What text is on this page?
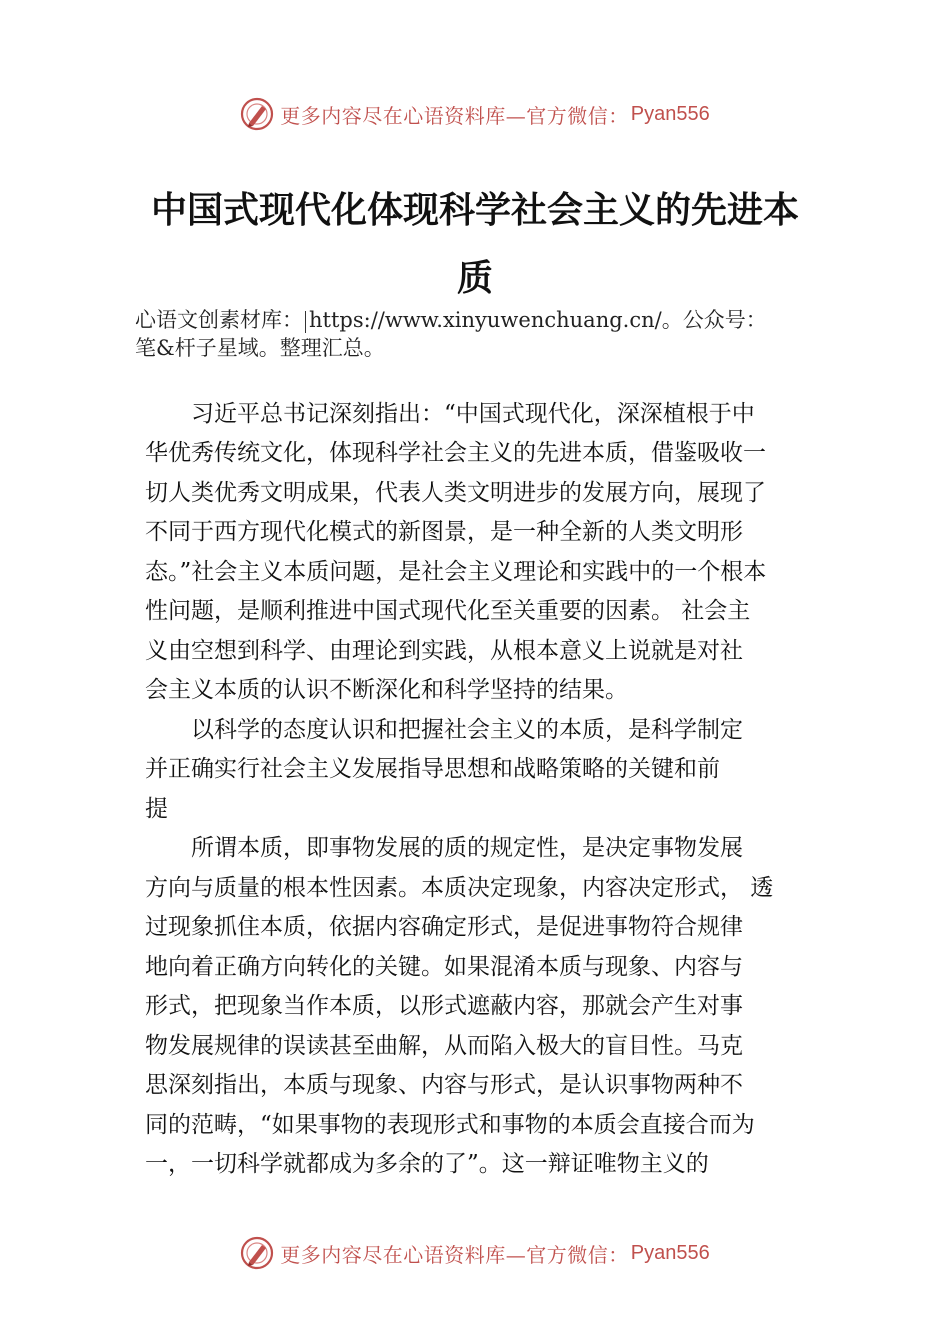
更多内容尽在心语资料库—官方微信： Pyan556
中国式现代化体现科学社会主义的先进本
质
心语文创素材库： https://www.xinyuwenchuang.cn/。公众号：
笔&杆子星域。整理汇总。
　　习近平总书记深刻指出：“中国式现代化，深深植根于中
华优秀传统文化，体现科学社会主义的先进本质，借鉴吸收一
切人类优秀文明成果，代表人类文明进步的发展方向，展现了
不同于西方现代化模式的新图景，是一种全新的人类文明形
态。”社会主义本质问题，是社会主义理论和实践中的一个根本
性问题，是顺利推进中国式现代化至关重要的因素。 社会主
义由空想到科学、由理论到实践，从根本意义上说就是对社
会主义本质的认识不断深化和科学坚持的结果。
　　以科学的态度认识和把握社会主义的本质，是科学制定
并正确实行社会主义发展指导思想和战略策略的关键和前
提
　　所谓本质，即事物发展的质的规定性，是决定事物发展
方向与质量的根本性因素。本质决定现象，内容决定形式， 透
过现象抓住本质，依据内容确定形式，是促进事物符合规律
地向着正确方向转化的关键。如果混淆本质与现象、内容与
形式，把现象当作本质，以形式遮蔽内容，那就会产生对事
物发展规律的误读甚至曲解，从而陷入极大的盲目性。马克
思深刻指出，本质与现象、内容与形式，是认识事物两种不
同的范畴，“如果事物的表现形式和事物的本质会直接合而为
一，一切科学就都成为多余的了”。这一辩证唯物主义的
更多内容尽在心语资料库—官方微信： Pyan556
